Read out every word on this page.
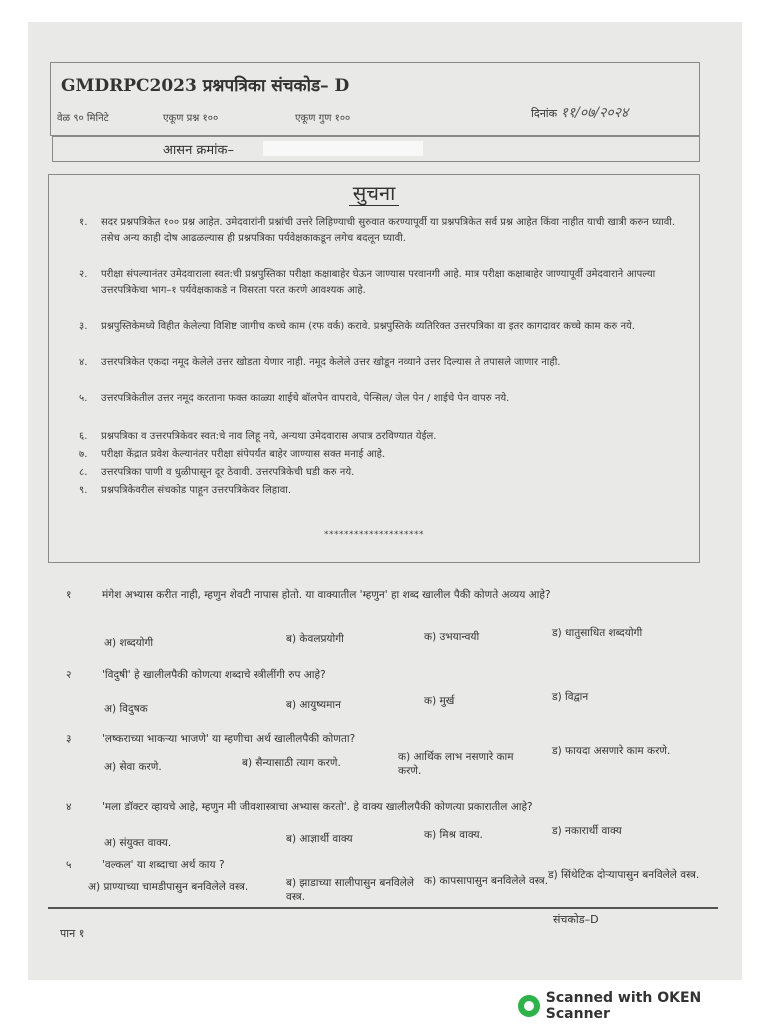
GMDRPC2023 प्रश्नपत्रिका संचकोड– D
वेळ ९० मिनिटे	एकूण प्रश्न १००	एकूण गुण १००	दिनांक ११/०७/२०२४
आसन क्रमांक–
सुचना
१. सदर प्रश्नपत्रिकेत १०० प्रश्न आहेत. उमेदवारांनी प्रश्नांची उत्तरे लिहिण्याची सुरुवात करण्यापूर्वी या प्रश्नपत्रिकेत सर्व प्रश्न आहेत किंवा नाहीत याची खात्री करुन घ्यावी. तसेच अन्य काही दोष आढळल्यास ही प्रश्नपत्रिका पर्यवेक्षकाकडून लगेच बदलून घ्यावी.
२. परीक्षा संपल्यानंतर उमेदवाराला स्वत:ची प्रश्नपुस्तिका परीक्षा कक्षाबाहेर घेऊन जाण्यास परवानगी आहे. मात्र परीक्षा कक्षाबाहेर जाण्यापूर्वी उमेदवाराने आपल्या उत्तरपत्रिकेचा भाग–१ पर्यवेक्षकाकडे न विसरता परत करणे आवश्यक आहे.
३. प्रश्नपुस्तिकेमध्ये विहीत केलेल्या विशिष्ट जागीच कच्चे काम (रफ वर्क) करावे. प्रश्नपुस्तिके व्यतिरिक्त उत्तरपत्रिका वा इतर कागदावर कच्चे काम करु नये.
४. उत्तरपत्रिकेत एकदा नमूद केलेले उत्तर खोडता येणार नाही. नमूद केलेले उत्तर खोडून नव्याने उत्तर दिल्यास ते तपासले जाणार नाही.
५. उत्तरपत्रिकेतील उत्तर नमूद करताना फक्त काळ्या शाईचे बॉलपेन वापरावे, पेन्सिल/ जेल पेन / शाईचे पेन वापरु नये.
६. प्रश्नपत्रिका व उत्तरपत्रिकेवर स्वत:चे नाव लिहू नये, अन्यथा उमेदवारास अपात्र ठरविण्यात येईल.
७. परीक्षा केंद्रात प्रवेश केल्यानंतर परीक्षा संपेपर्यंत बाहेर जाण्यास सक्त मनाई आहे.
८. उत्तरपत्रिका पाणी व धुळीपासून दूर ठेवावी. उत्तरपत्रिकेची घडी करु नये.
९. प्रश्नपत्रिकेवरील संचकोड पाहून उत्तरपत्रिकेवर लिहावा.
********************
१	मंगेश अभ्यास करीत नाही, म्हणुन शेवटी नापास होतो. या वाक्यातील 'म्हणुन' हा शब्द खालील पैकी कोणते अव्यय आहे?
अ) शब्दयोगी	ब) केवलप्रयोगी	क) उभयान्वयी	ड) धातुसाधित शब्दयोगी
२	'विदुषी' हे खालीलपैकी कोणत्या शब्दाचे स्त्रीलींगी रुप आहे?
अ) विदुषक	ब) आयुष्यमान	क) मुर्ख	ड) विद्वान
३	'लष्कराच्या भाकऱ्या भाजणे' या म्हणीचा अर्थ खालीलपैकी कोणता?
अ) सेवा करणे.	ब) सैन्यासाठी त्याग करणे.	क) आर्थिक लाभ नसणारे काम करणे.
ड) फायदा असणारे काम करणे.
४	'मला डॉक्टर व्हायचे आहे, म्हणुन मी जीवशास्त्राचा अभ्यास करतो'. हे वाक्य खालीलपैकी कोणत्या प्रकारातील आहे?
अ) संयुक्त वाक्य.	ब) आज्ञार्थी वाक्य	क) मिश्र वाक्य.	ड) नकारार्थी वाक्य
५	'वल्कल' या शब्दाचा अर्थ काय ?
अ) प्राण्याच्या चामडीपासुन बनविलेले वस्त्र.	ब) झाडाच्या सालीपासुन बनविलेले वस्त्र.
क) कापसापासुन बनविलेले वस्त्र. ड) सिंथेटिक दोऱ्यापासुन बनविलेले वस्त्र.
संचकोड–D
पान १
Scanned with OKEN Scanner
